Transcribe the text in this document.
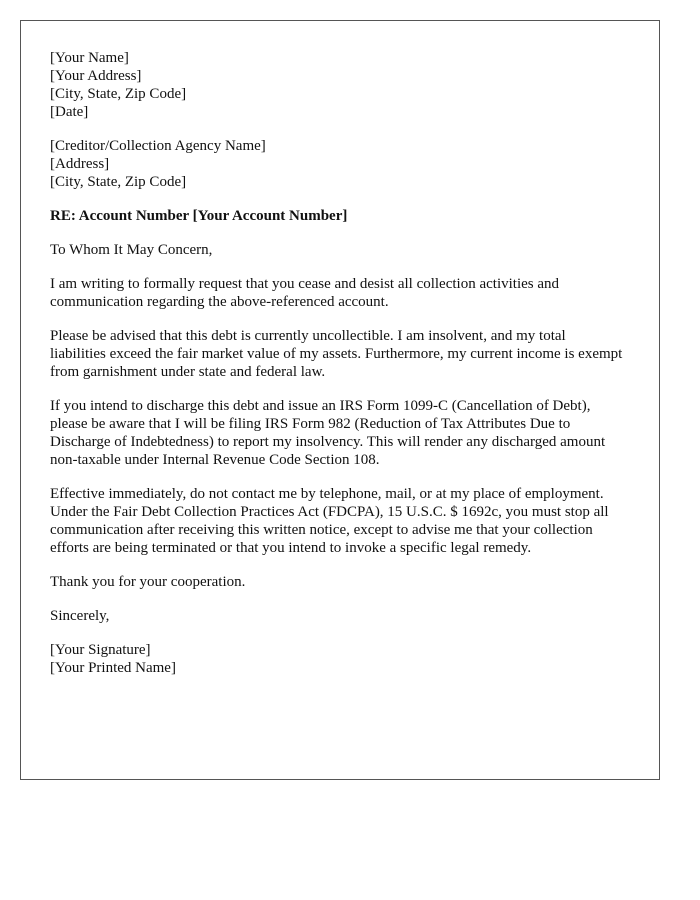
[Your Name]
[Your Address]
[City, State, Zip Code]
[Date]
[Creditor/Collection Agency Name]
[Address]
[City, State, Zip Code]

RE: Account Number [Your Account Number]

To Whom It May Concern,

I am writing to formally request that you cease and desist all collection activities and communication regarding the above-referenced account.

Please be advised that this debt is currently uncollectible. I am insolvent, and my total liabilities exceed the fair market value of my assets. Furthermore, my current income is exempt from garnishment under state and federal law.

If you intend to discharge this debt and issue an IRS Form 1099-C (Cancellation of Debt), please be aware that I will be filing IRS Form 982 (Reduction of Tax Attributes Due to Discharge of Indebtedness) to report my insolvency. This will render any discharged amount non-taxable under Internal Revenue Code Section 108.

Effective immediately, do not contact me by telephone, mail, or at my place of employment. Under the Fair Debt Collection Practices Act (FDCPA), 15 U.S.C. $ 1692c, you must stop all communication after receiving this written notice, except to advise me that your collection efforts are being terminated or that you intend to invoke a specific legal remedy.

Thank you for your cooperation.

Sincerely,

[Your Signature]
[Your Printed Name]
